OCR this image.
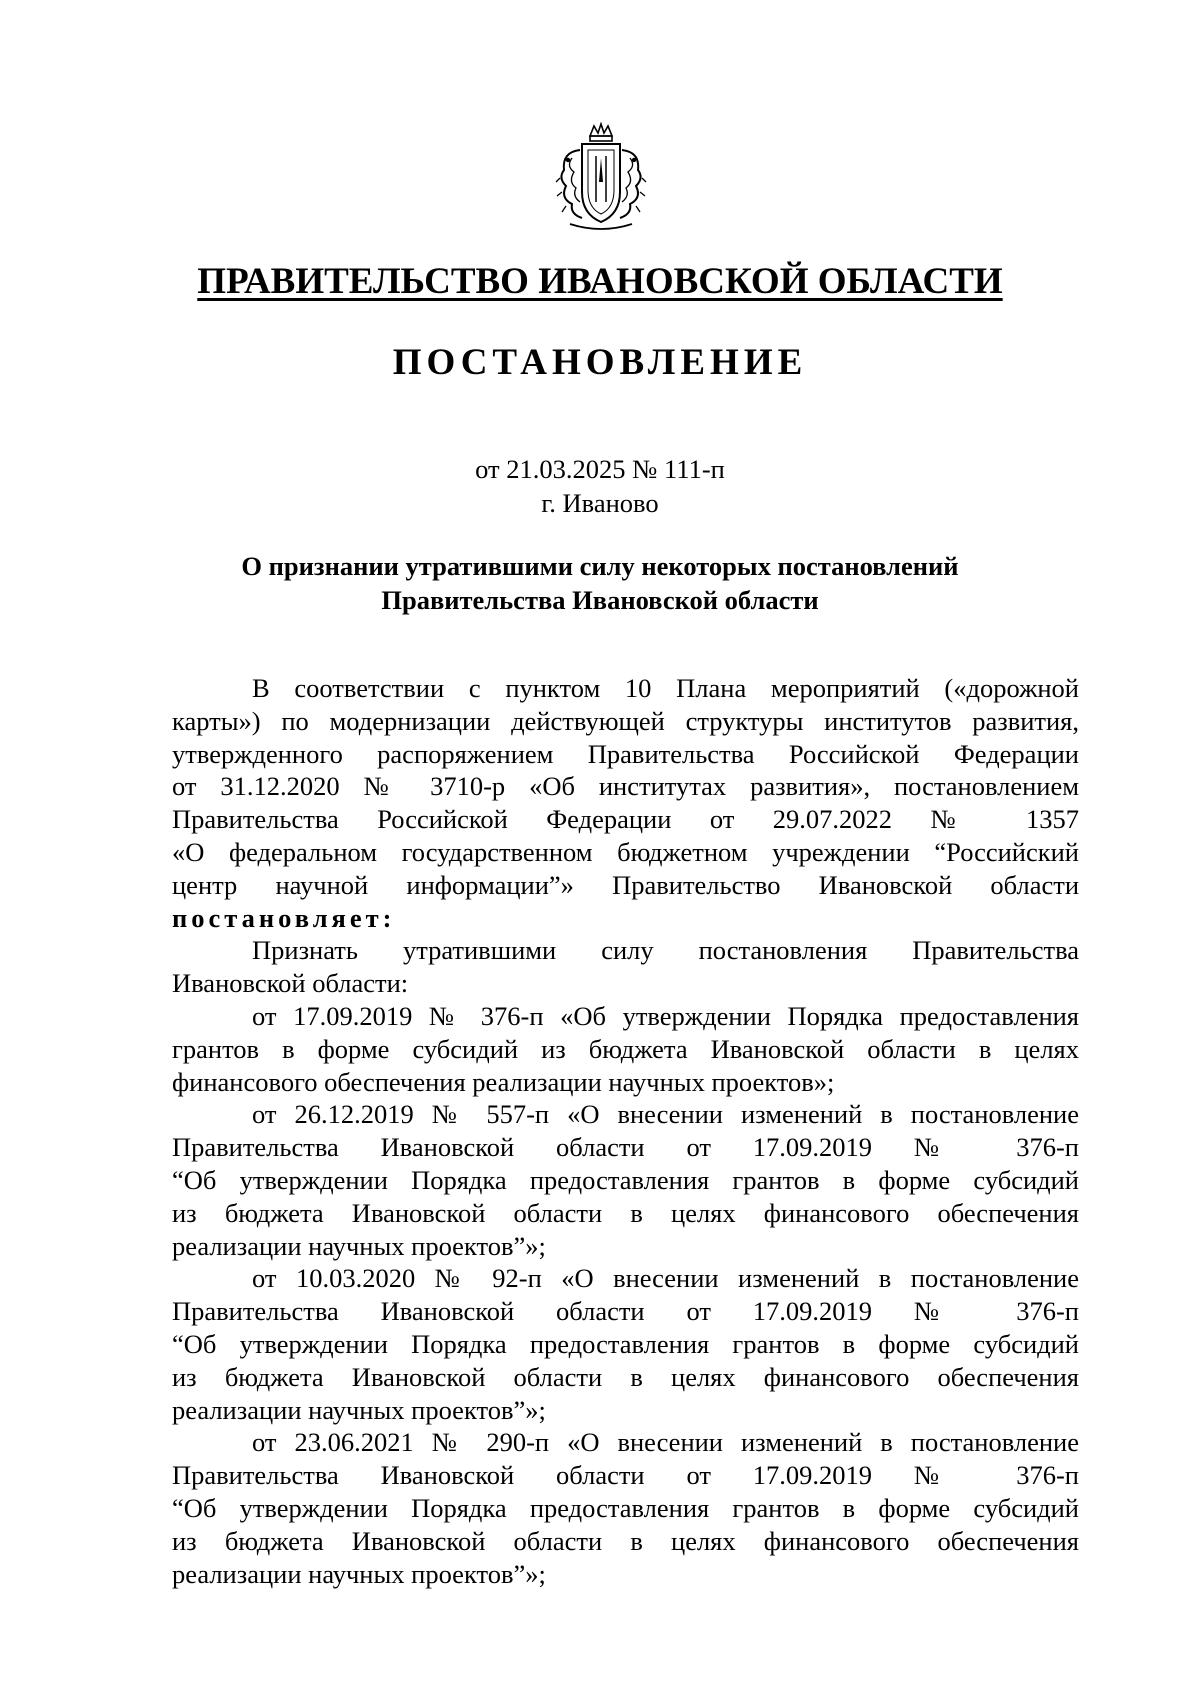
ПРАВИТЕЛЬСТВО ИВАНОВСКОЙ ОБЛАСТИ
ПОСТАНОВЛЕНИЕ
от 21.03.2025 № 111-п
г. Иваново
О признании утратившими силу некоторых постановлений
Правительства Ивановской области
В соответствии с пунктом 10 Плана мероприятий («дорожной
карты») по модернизации действующей структуры институтов развития,
утвержденного распоряжением Правительства Российской Федерации
от 31.12.2020 № 3710-р «Об институтах развития», постановлением
Правительства Российской Федерации от 29.07.2022 № 1357
«О федеральном государственном бюджетном учреждении “Российский
центр научной информации”» Правительство Ивановской области
постановляет:
Признать утратившими силу постановления Правительства
Ивановской области:
от 17.09.2019 № 376-п «Об утверждении Порядка предоставления
грантов в форме субсидий из бюджета Ивановской области в целях
финансового обеспечения реализации научных проектов»;
от 26.12.2019 № 557-п «О внесении изменений в постановление
Правительства Ивановской области от 17.09.2019 № 376-п
“Об утверждении Порядка предоставления грантов в форме субсидий
из бюджета Ивановской области в целях финансового обеспечения
реализации научных проектов”»;
от 10.03.2020 № 92-п «О внесении изменений в постановление
Правительства Ивановской области от 17.09.2019 № 376-п
“Об утверждении Порядка предоставления грантов в форме субсидий
из бюджета Ивановской области в целях финансового обеспечения
реализации научных проектов”»;
от 23.06.2021 № 290-п «О внесении изменений в постановление
Правительства Ивановской области от 17.09.2019 № 376-п
“Об утверждении Порядка предоставления грантов в форме субсидий
из бюджета Ивановской области в целях финансового обеспечения
реализации научных проектов”»;
